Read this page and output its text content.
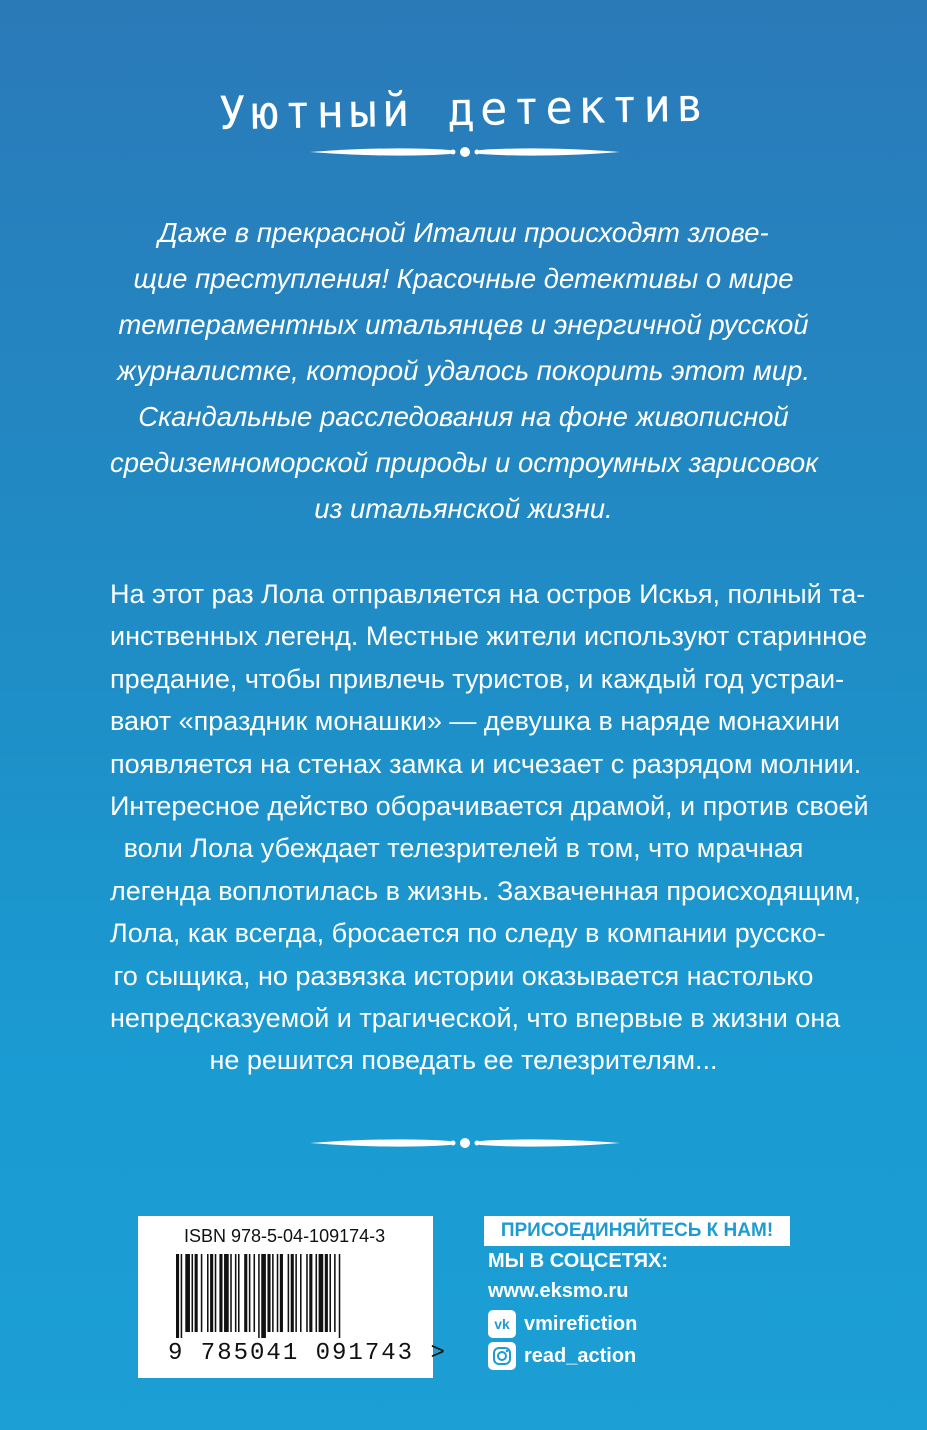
Уютный детектив
Даже в прекрасной Италии происходят злове-
щие преступления! Красочные детективы о мире
темпераментных итальянцев и энергичной русской
журналистке, которой удалось покорить этот мир.
Скандальные расследования на фоне живописной
средиземноморской природы и остроумных зарисовок
из итальянской жизни.
На этот раз Лола отправляется на остров Искья, полный та-
инственных легенд. Местные жители используют старинное
предание, чтобы привлечь туристов, и каждый год устраи-
вают «праздник монашки» — девушка в наряде монахини
появляется на стенах замка и исчезает с разрядом молнии.
Интересное действо оборачивается драмой, и против своей
воли Лола убеждает телезрителей в том, что мрачная
легенда воплотилась в жизнь. Захваченная происходящим,
Лола, как всегда, бросается по следу в компании русско-
го сыщика, но развязка истории оказывается настолько
непредсказуемой и трагической, что впервые в жизни она
не решится поведать ее телезрителям...
ISBN 978-5-04-109174-3
9 785041 091743 >
ПРИСОЕДИНЯЙТЕСЬ К НАМ!
МЫ В СОЦСЕТЯХ:
www.eksmo.ru
vk vmirefiction
read_action
